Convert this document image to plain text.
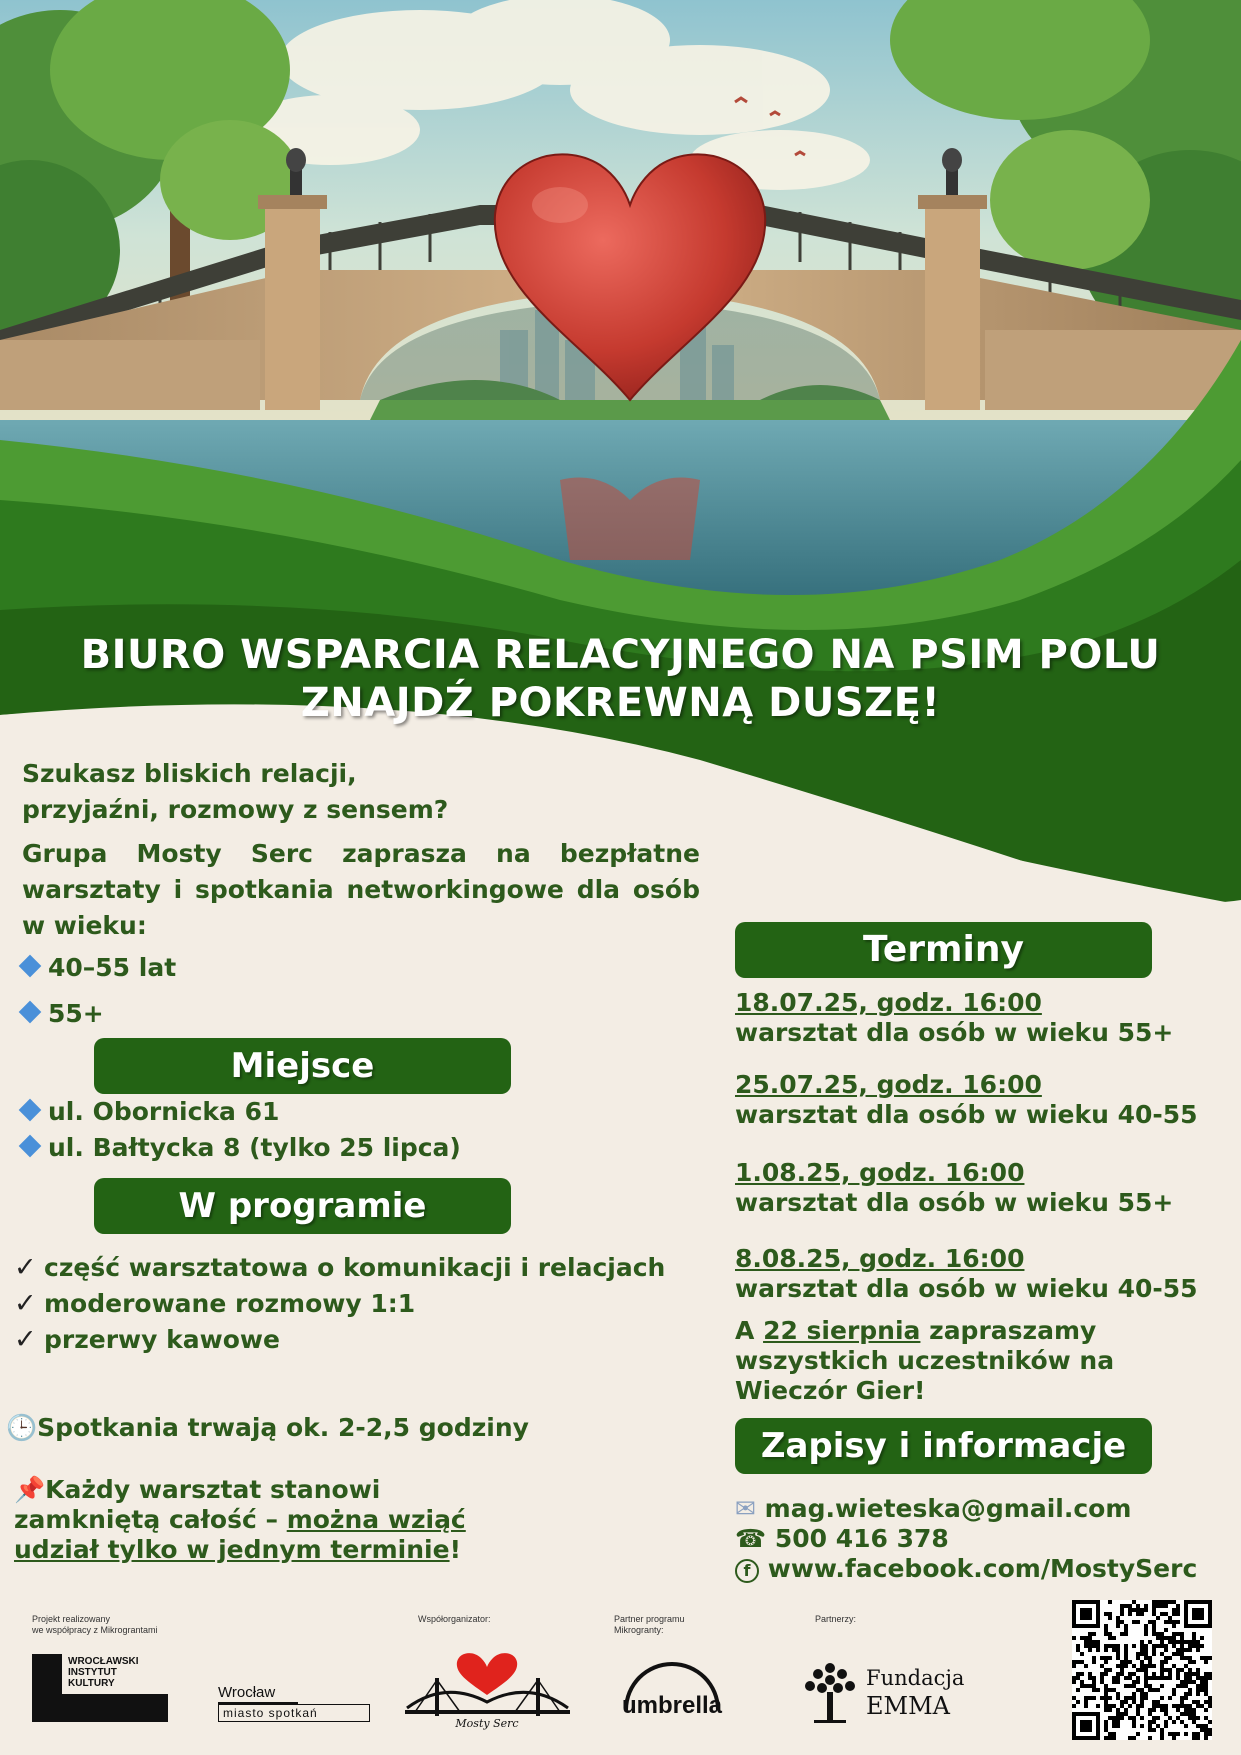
BIURO WSPARCIA RELACYJNEGO NA PSIM POLU
ZNAJDŹ POKREWNĄ DUSZĘ!
Szukasz bliskich relacji,
przyjaźni, rozmowy z sensem?
Grupa Mosty Serc zaprasza na bezpłatne
warsztaty i spotkania networkingowe dla osób
w wieku:
40–55 lat
55+
Miejsce
ul. Obornicka 61
ul. Bałtycka 8 (tylko 25 lipca)
W programie
✓ część warsztatowa o komunikacji i relacjach
✓ moderowane rozmowy 1:1
✓ przerwy kawowe
🕒Spotkania trwają ok. 2-2,5 godziny
📌Każdy warsztat stanowi
zamkniętą całość – można wziąć
udział tylko w jednym terminie!
Terminy
18.07.25, godz. 16:00
warsztat dla osób w wieku 55+
25.07.25, godz. 16:00
warsztat dla osób w wieku 40-55
1.08.25, godz. 16:00
warsztat dla osób w wieku 55+
8.08.25, godz. 16:00
warsztat dla osób w wieku 40-55
A 22 sierpnia zapraszamy
wszystkich uczestników na
Wieczór Gier!
Zapisy i informacje
✉ mag.wieteska@gmail.com
☎ 500 416 378
f www.facebook.com/MostySerc
Projekt realizowany
we współpracy z Mikrograntami
Współorganizator:	Partner programu
Mikrogranty:
Partnerzy:
WROCŁAWSKI
INSTYTUT
KULTURY
Wrocław
miasto spotkań
Mosty Serc
umbrella
Fundacja
EMMA
